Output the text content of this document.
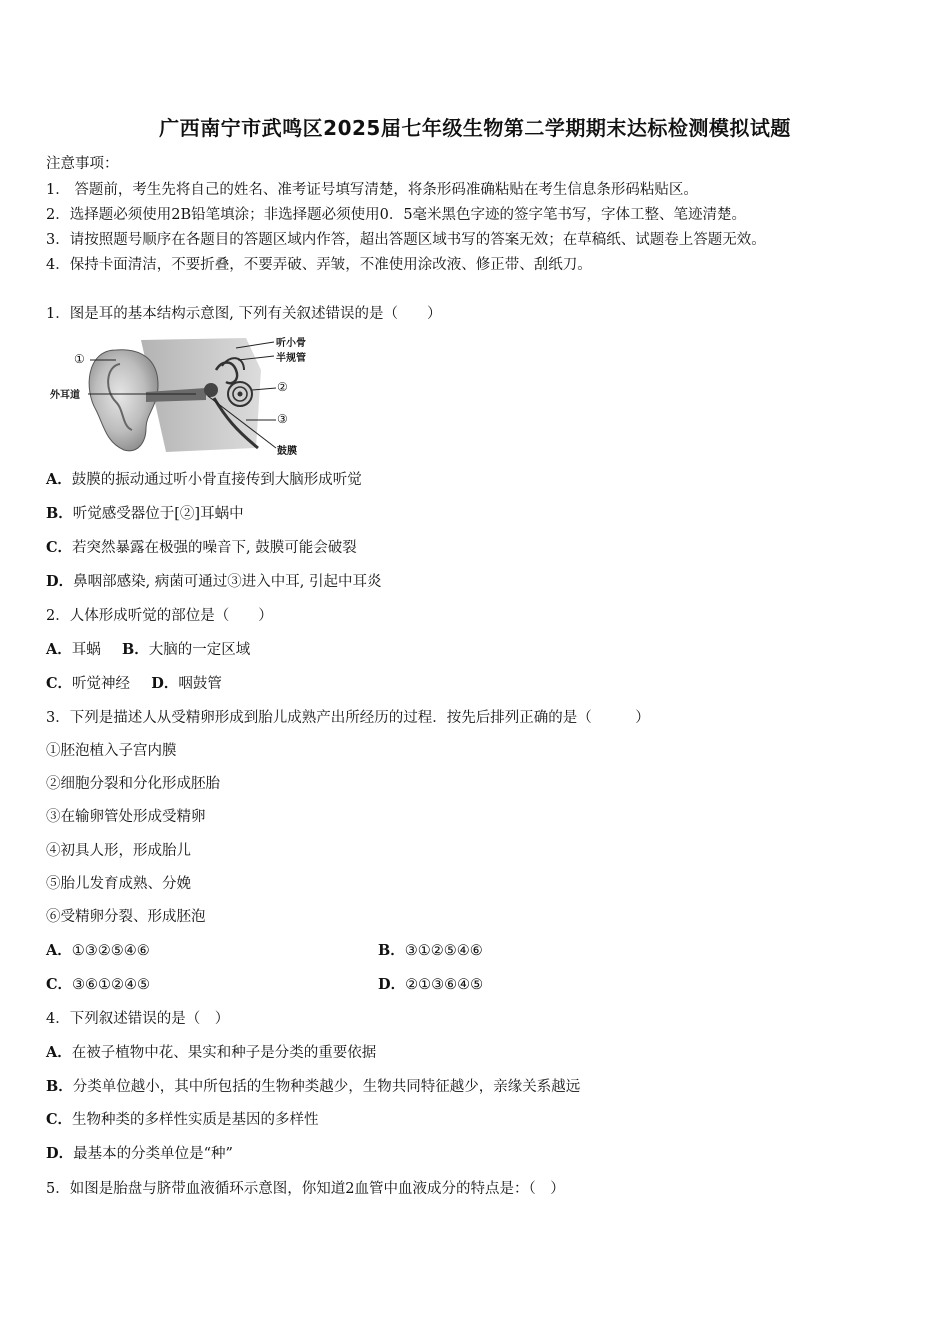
广西南宁市武鸣区2025届七年级生物第二学期期末达标检测模拟试题
注意事项：
1． 答题前，考生先将自己的姓名、准考证号填写清楚，将条形码准确粘贴在考生信息条形码粘贴区。
2．选择题必须使用2B铅笔填涂；非选择题必须使用0．5毫米黑色字迹的签字笔书写，字体工整、笔迹清楚。
3．请按照题号顺序在各题目的答题区域内作答，超出答题区域书写的答案无效；在草稿纸、试题卷上答题无效。
4．保持卡面清洁，不要折叠，不要弄破、弄皱，不准使用涂改液、修正带、刮纸刀。
1．图是耳的基本结构示意图, 下列有关叙述错误的是（　　）
①
外耳道
听小骨
半规管
②
③
鼓膜
A．鼓膜的振动通过听小骨直接传到大脑形成听觉
B．听觉感受器位于[②]耳蜗中
C．若突然暴露在极强的噪音下, 鼓膜可能会破裂
D．鼻咽部感染, 病菌可通过③进入中耳, 引起中耳炎
2．人体形成听觉的部位是（　　）
A．耳蜗 B．大脑的一定区域
C．听觉神经 D．咽鼓管
3．下列是描述人从受精卵形成到胎儿成熟产出所经历的过程．按先后排列正确的是（　　　）
①胚泡植入子宫内膜
②细胞分裂和分化形成胚胎
③在输卵管处形成受精卵
④初具人形，形成胎儿
⑤胎儿发育成熟、分娩
⑥受精卵分裂、形成胚泡
A．①③②⑤④⑥	B．③①②⑤④⑥
C．③⑥①②④⑤	D．②①③⑥④⑤
4．下列叙述错误的是（　）
A．在被子植物中花、果实和种子是分类的重要依据
B．分类单位越小，其中所包括的生物种类越少，生物共同特征越少，亲缘关系越远
C．生物种类的多样性实质是基因的多样性
D．最基本的分类单位是“种”
5．如图是胎盘与脐带血液循环示意图，你知道2血管中血液成分的特点是：（　）
